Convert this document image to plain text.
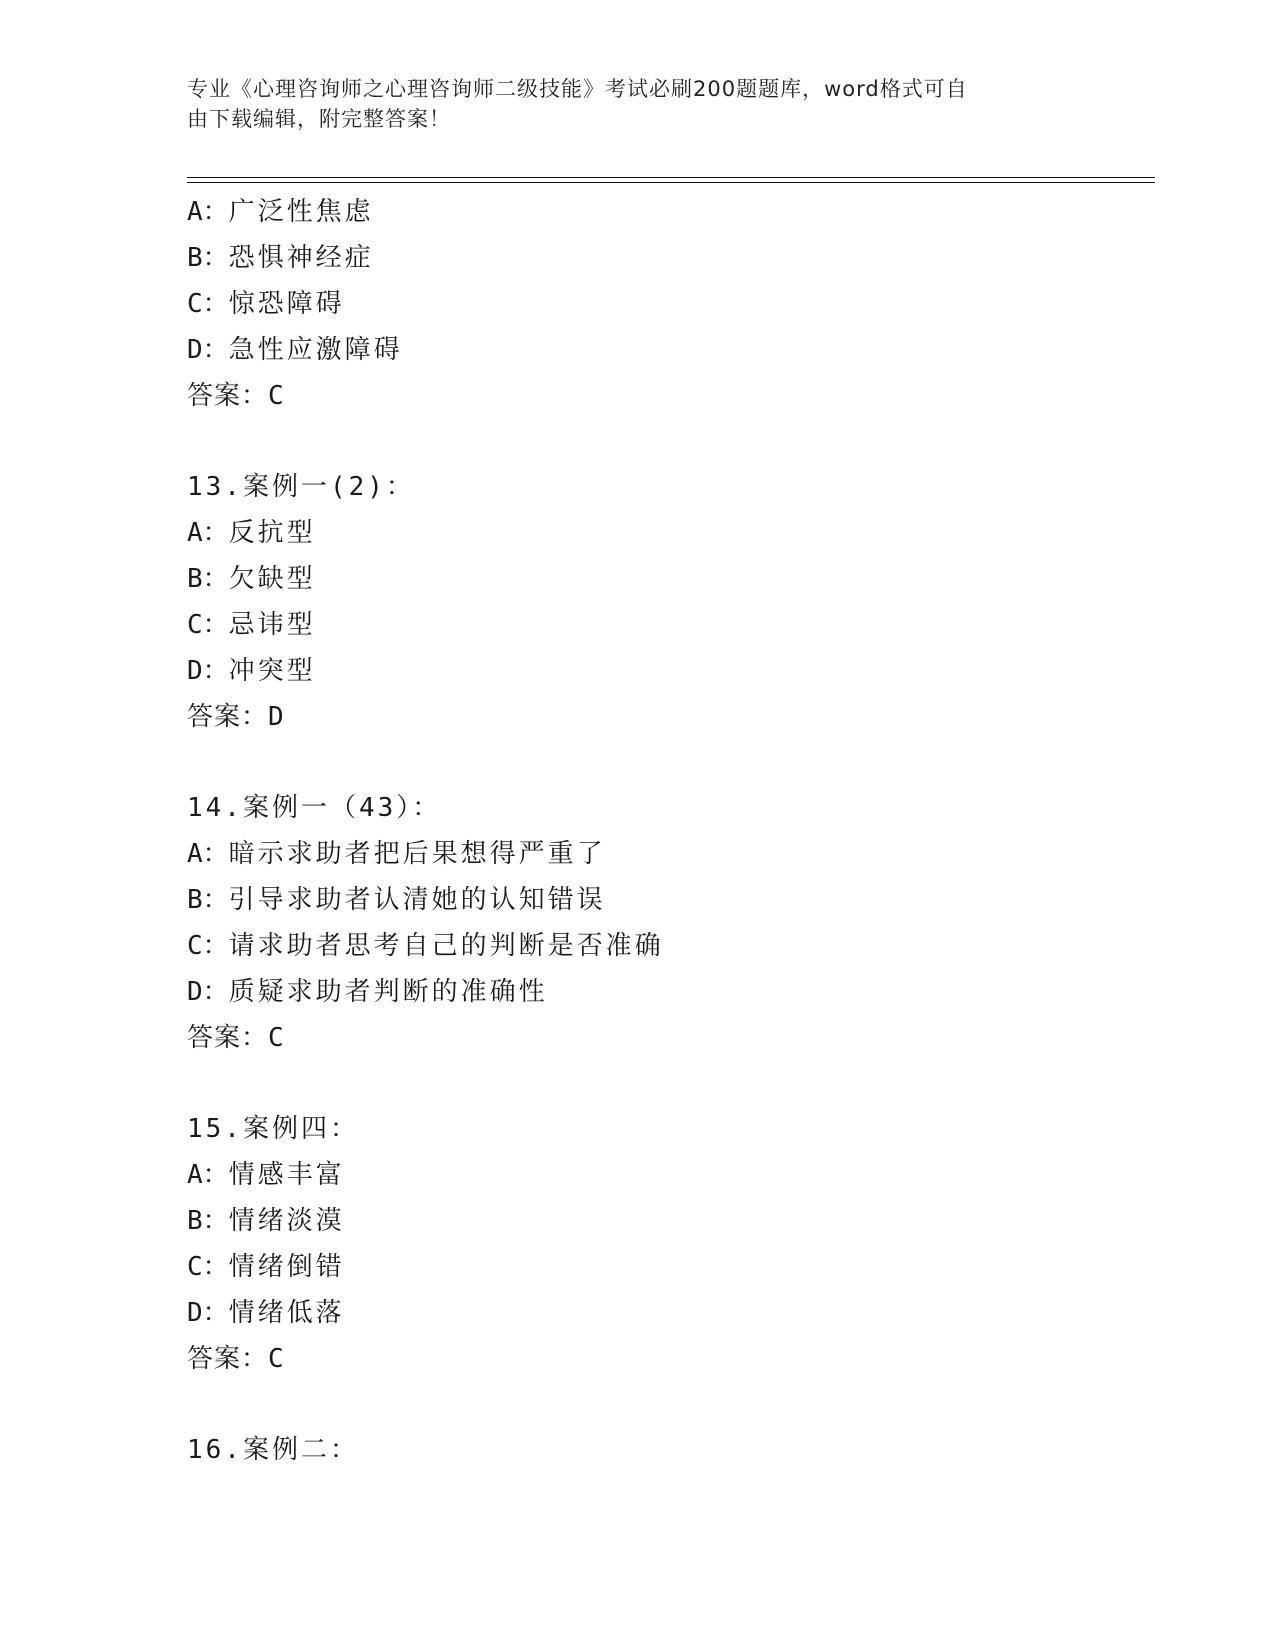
专业《心理咨询师之心理咨询师二级技能》考试必刷200题题库，word格式可自
由下载编辑，附完整答案！
A：广泛性焦虑
B：恐惧神经症
C：惊恐障碍
D：急性应激障碍
答案：C
13.案例一(2)：
A：反抗型
B：欠缺型
C：忌讳型
D：冲突型
答案：D
14.案例一（43）：
A：暗示求助者把后果想得严重了
B：引导求助者认清她的认知错误
C：请求助者思考自己的判断是否准确
D：质疑求助者判断的准确性
答案：C
15.案例四：
A：情感丰富
B：情绪淡漠
C：情绪倒错
D：情绪低落
答案：C
16.案例二：
